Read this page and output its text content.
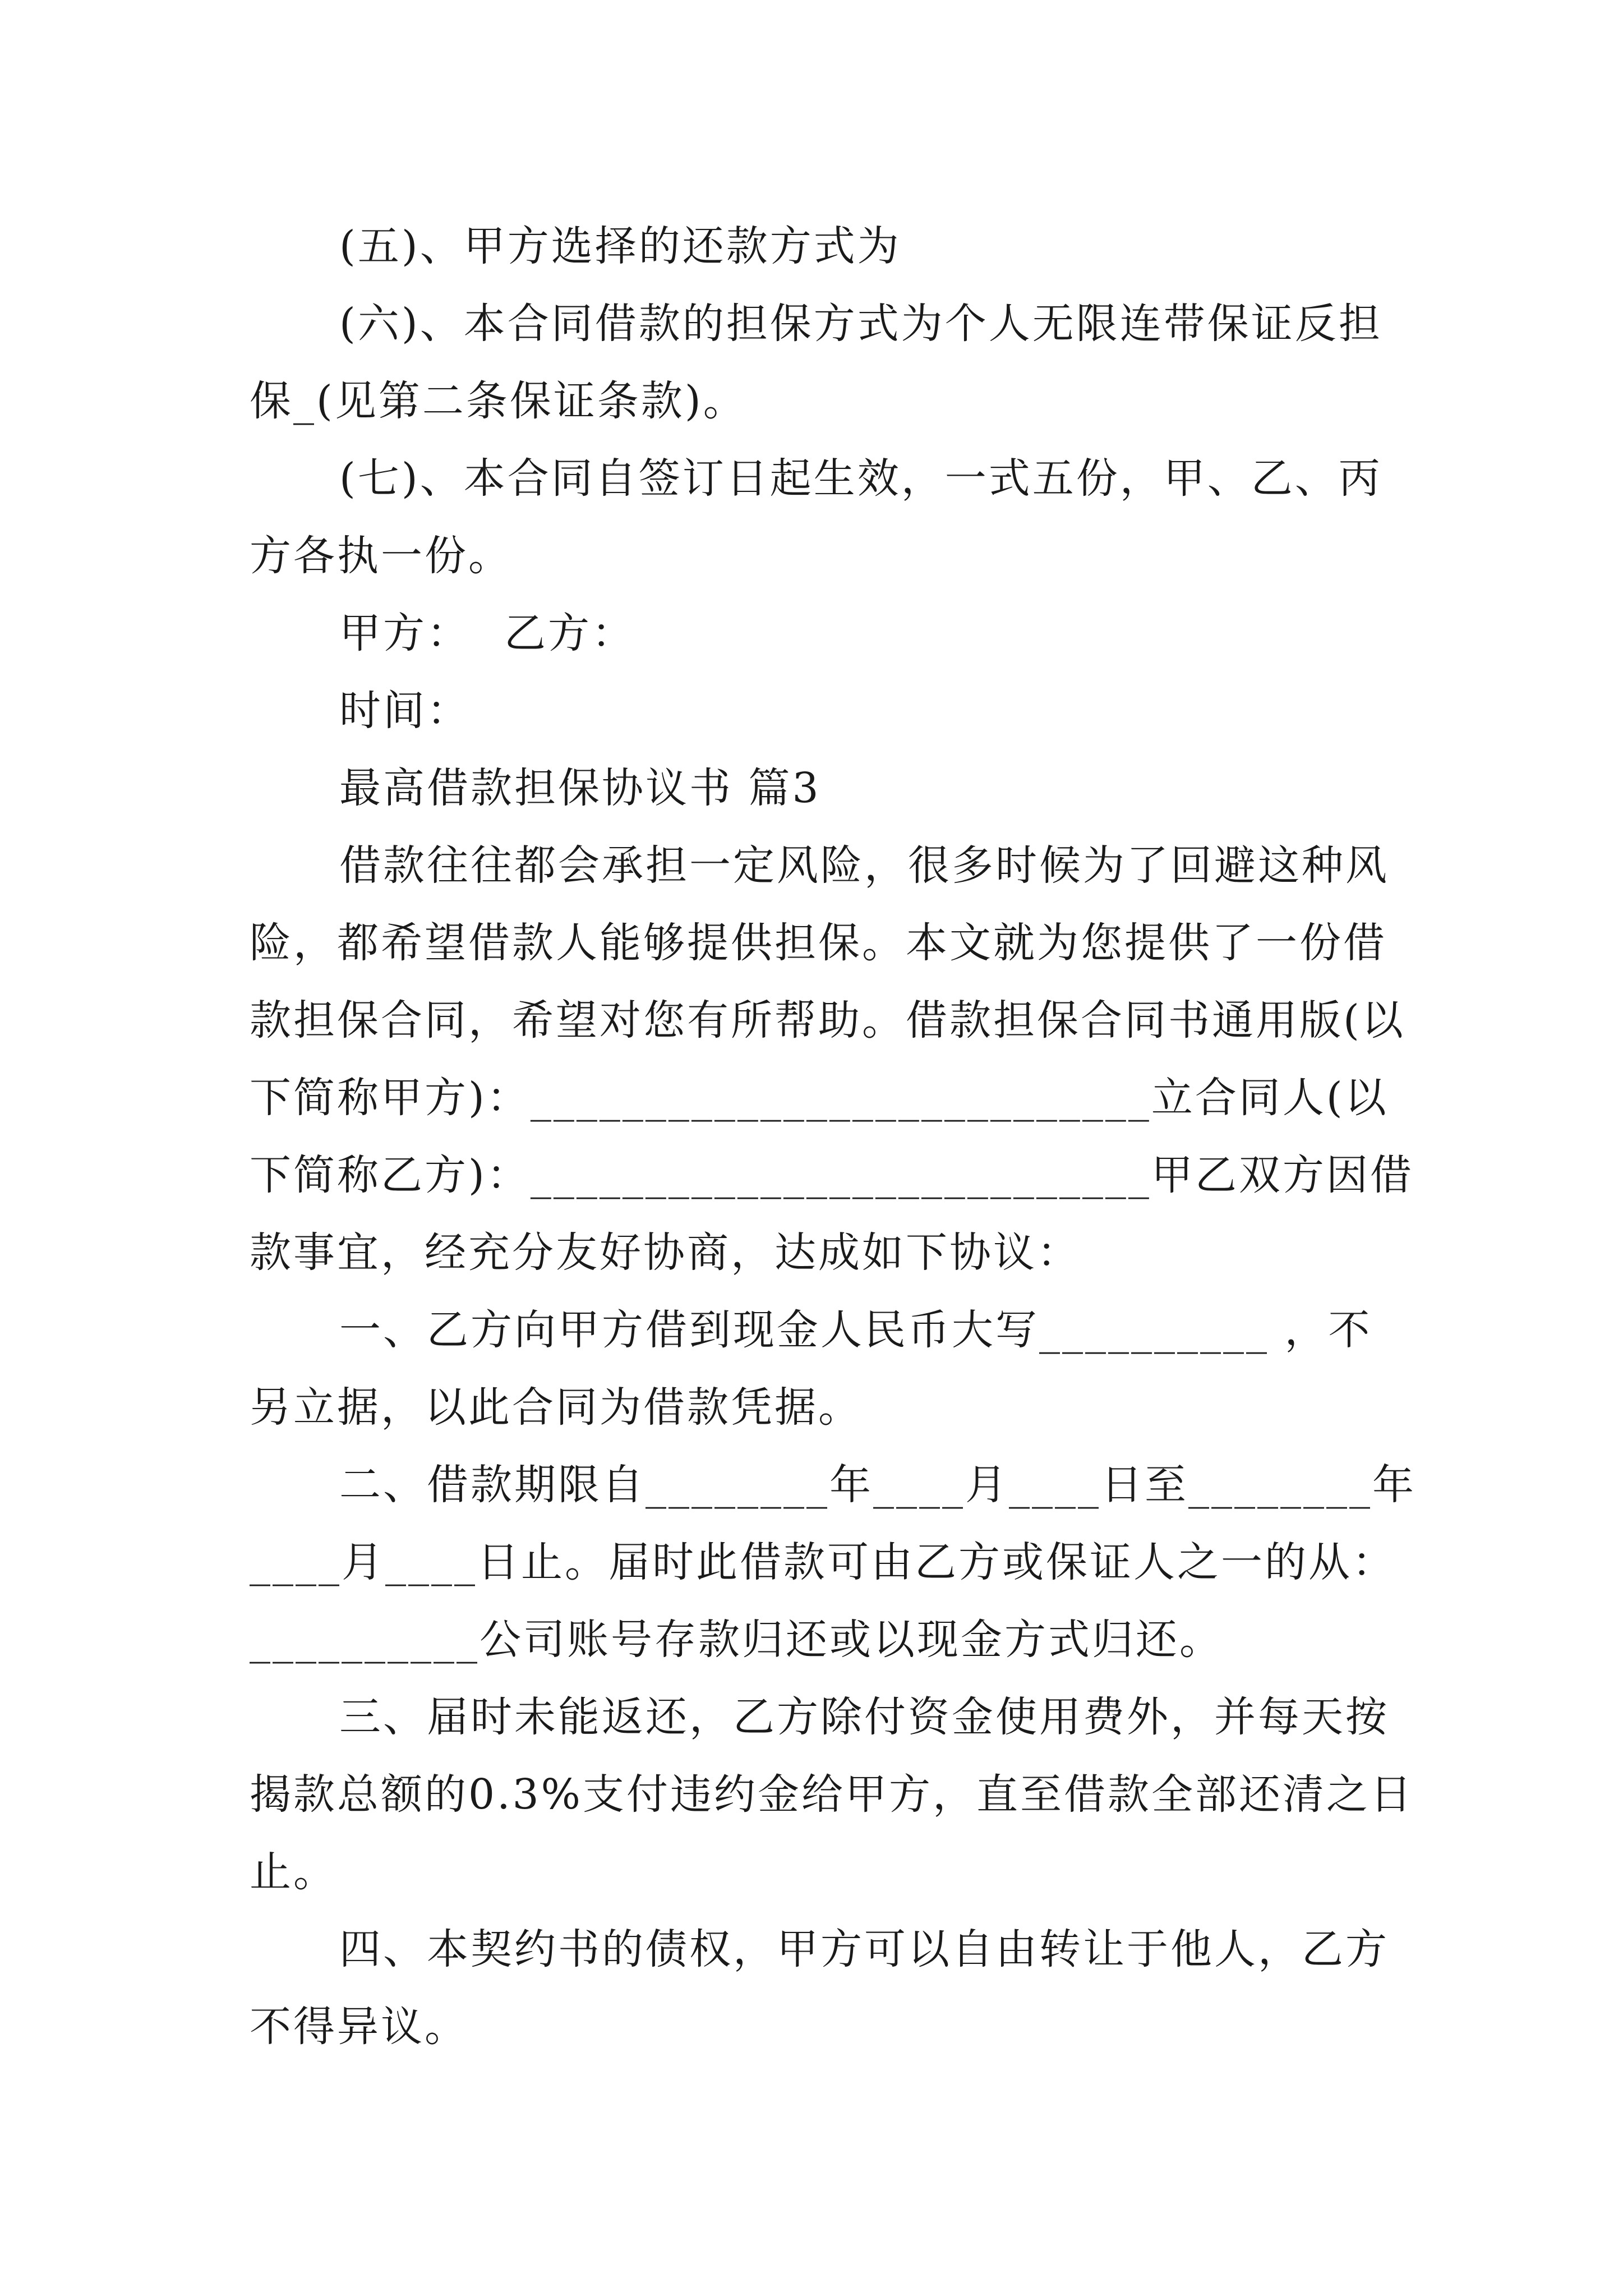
(五)、甲方选择的还款方式为

(六)、本合同借款的担保方式为个人无限连带保证反担
保_(见第二条保证条款)。
(七)、本合同自签订日起生效，一式五份，甲、乙、丙
方各执一份。
甲方： 乙方：
时间：
最高借款担保协议书 篇3
借款往往都会承担一定风险，很多时候为了回避这种风
险，都希望借款人能够提供担保。本文就为您提供了一份借
款担保合同，希望对您有所帮助。借款担保合同书通用版(以
下简称甲方)：___________________________立合同人(以
下简称乙方)：___________________________甲乙双方因借
款事宜，经充分友好协商，达成如下协议：
一、乙方向甲方借到现金人民币大写__________ ，不
另立据，以此合同为借款凭据。
二、借款期限自________年____月____日至________年
____月____日止。届时此借款可由乙方或保证人之一的从：
__________公司账号存款归还或以现金方式归还。
三、届时未能返还，乙方除付资金使用费外，并每天按
揭款总额的0.3%支付违约金给甲方，直至借款全部还清之日
止。
四、本契约书的债权，甲方可以自由转让于他人，乙方
不得异议。
